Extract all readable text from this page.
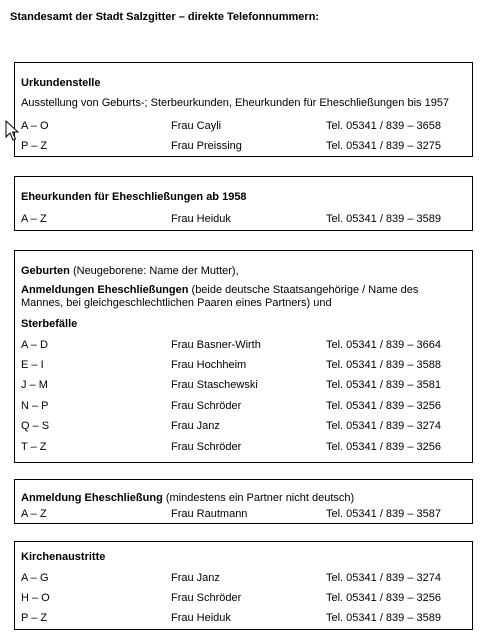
Standesamt der Stadt Salzgitter – direkte Telefonnummern:
Urkundenstelle
Ausstellung von Geburts-; Sterbeurkunden, Eheurkunden für Eheschließungen bis 1957
A – O	Frau Cayli	Tel. 05341 / 839 – 3658
P – Z	Frau Preissing	Tel. 05341 / 839 – 3275
Eheurkunden für Eheschließungen ab 1958
A – Z	Frau Heiduk	Tel. 05341 / 839 – 3589
Geburten (Neugeborene: Name der Mutter),
Anmeldungen Eheschließungen (beide deutsche Staatsangehörige / Name des
Mannes, bei gleichgeschlechtlichen Paaren eines Partners) und
Sterbefälle
A – D	Frau Basner-Wirth	Tel. 05341 / 839 – 3664
E – I	Frau Hochheim	Tel. 05341 / 839 – 3588
J – M	Frau Staschewski	Tel. 05341 / 839 – 3581
N – P	Frau Schröder	Tel. 05341 / 839 – 3256
Q – S	Frau Janz	Tel. 05341 / 839 – 3274
T – Z	Frau Schröder	Tel. 05341 / 839 – 3256
Anmeldung Eheschließung (mindestens ein Partner nicht deutsch)
A – Z	Frau Rautmann	Tel. 05341 / 839 – 3587
Kirchenaustritte
A – G	Frau Janz	Tel. 05341 / 839 – 3274
H – O	Frau Schröder	Tel. 05341 / 839 – 3256
P – Z	Frau Heiduk	Tel. 05341 / 839 – 3589
